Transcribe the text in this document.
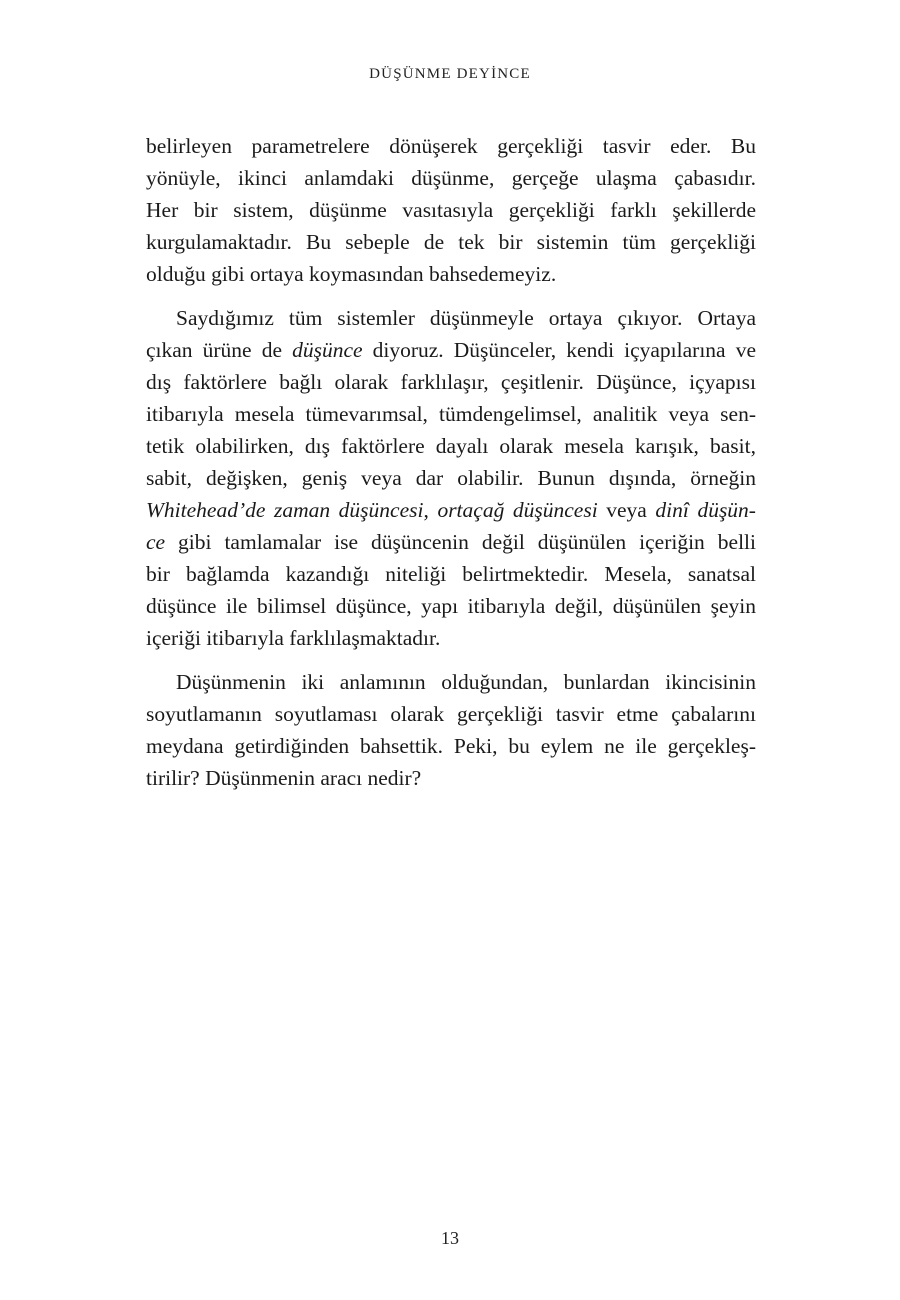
DÜŞÜNME DEYİNCE

belirleyen parametrelere dönüşerek gerçekliği tasvir eder. Bu
yönüyle, ikinci anlamdaki düşünme, gerçeğe ulaşma çabasıdır.
Her bir sistem, düşünme vasıtasıyla gerçekliği farklı şekillerde
kurgulamaktadır. Bu sebeple de tek bir sistemin tüm gerçekliği
olduğu gibi ortaya koymasından bahsedemeyiz.

Saydığımız tüm sistemler düşünmeyle ortaya çıkıyor. Ortaya
çıkan ürüne de düşünce diyoruz. Düşünceler, kendi içyapılarına ve
dış faktörlere bağlı olarak farklılaşır, çeşitlenir. Düşünce, içyapısı
itibarıyla mesela tümevarımsal, tümdengelimsel, analitik veya sen-
tetik olabilirken, dış faktörlere dayalı olarak mesela karışık, basit,
sabit, değişken, geniş veya dar olabilir. Bunun dışında, örneğin
Whitehead’de zaman düşüncesi, ortaçağ düşüncesi veya dinî düşün-
ce gibi tamlamalar ise düşüncenin değil düşünülen içeriğin belli
bir bağlamda kazandığı niteliği belirtmektedir. Mesela, sanatsal
düşünce ile bilimsel düşünce, yapı itibarıyla değil, düşünülen şeyin
içeriği itibarıyla farklılaşmaktadır.

Düşünmenin iki anlamının olduğundan, bunlardan ikincisinin
soyutlamanın soyutlaması olarak gerçekliği tasvir etme çabalarını
meydana getirdiğinden bahsettik. Peki, bu eylem ne ile gerçekleş-
tirilir? Düşünmenin aracı nedir?

13
